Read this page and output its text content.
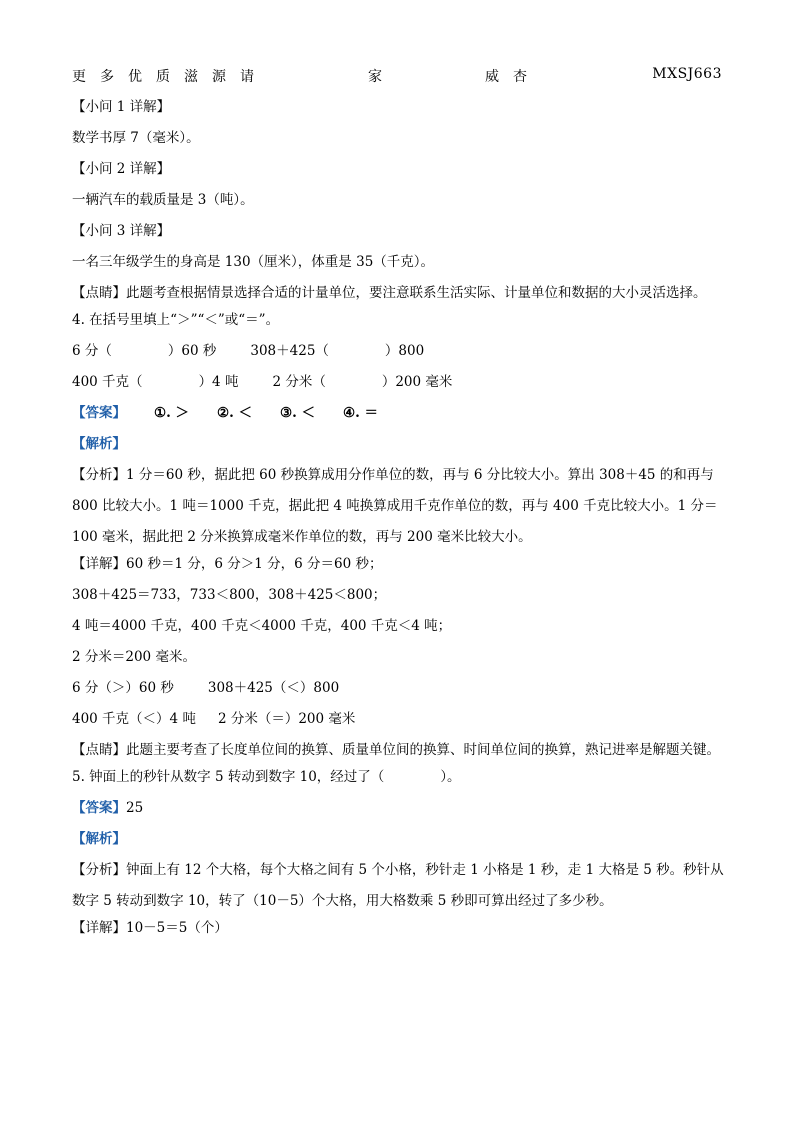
更多优质滋源请	家	威杏	MXSJ663
【小问 1 详解】
数学书厚 7（毫米）。
【小问 2 详解】
一辆汽车的载质量是 3（吨）。
【小问 3 详解】
一名三年级学生的身高是 130（厘米），体重是 35（千克）。
【点睛】此题考查根据情景选择合适的计量单位，要注意联系生活实际、计量单位和数据的大小灵活选择。
4. 在括号里填上“＞”“＜”或“＝”。
6 分（	）60 秒	308＋425（	）800
400 千克（	）4 吨	2 分米（	）200 毫米
【答案】 ①. ＞ ②. ＜ ③. ＜ ④. ＝
【解析】
【分析】1 分＝60 秒，据此把 60 秒换算成用分作单位的数，再与 6 分比较大小。算出 308＋45 的和再与 800 比较大小。1 吨＝1000 千克，据此把 4 吨换算成用千克作单位的数，再与 400 千克比较大小。1 分＝100 毫米，据此把 2 分米换算成毫米作单位的数，再与 200 毫米比较大小。
【详解】60 秒＝1 分，6 分＞1 分，6 分＝60 秒；
308＋425＝733，733＜800，308＋425＜800；
4 吨＝4000 千克，400 千克＜4000 千克，400 千克＜4 吨；
2 分米＝200 毫米。
6 分（＞）60 秒	308＋425（＜）800
400 千克（＜）4 吨 2 分米（＝）200 毫米
【点睛】此题主要考查了长度单位间的换算、质量单位间的换算、时间单位间的换算，熟记进率是解题关键。
5. 钟面上的秒针从数字 5 转动到数字 10，经过了（	）。
【答案】25
【解析】
【分析】钟面上有 12 个大格，每个大格之间有 5 个小格，秒针走 1 小格是 1 秒，走 1 大格是 5 秒。秒针从数字 5 转动到数字 10，转了（10－5）个大格，用大格数乘 5 秒即可算出经过了多少秒。
【详解】10－5＝5（个）
